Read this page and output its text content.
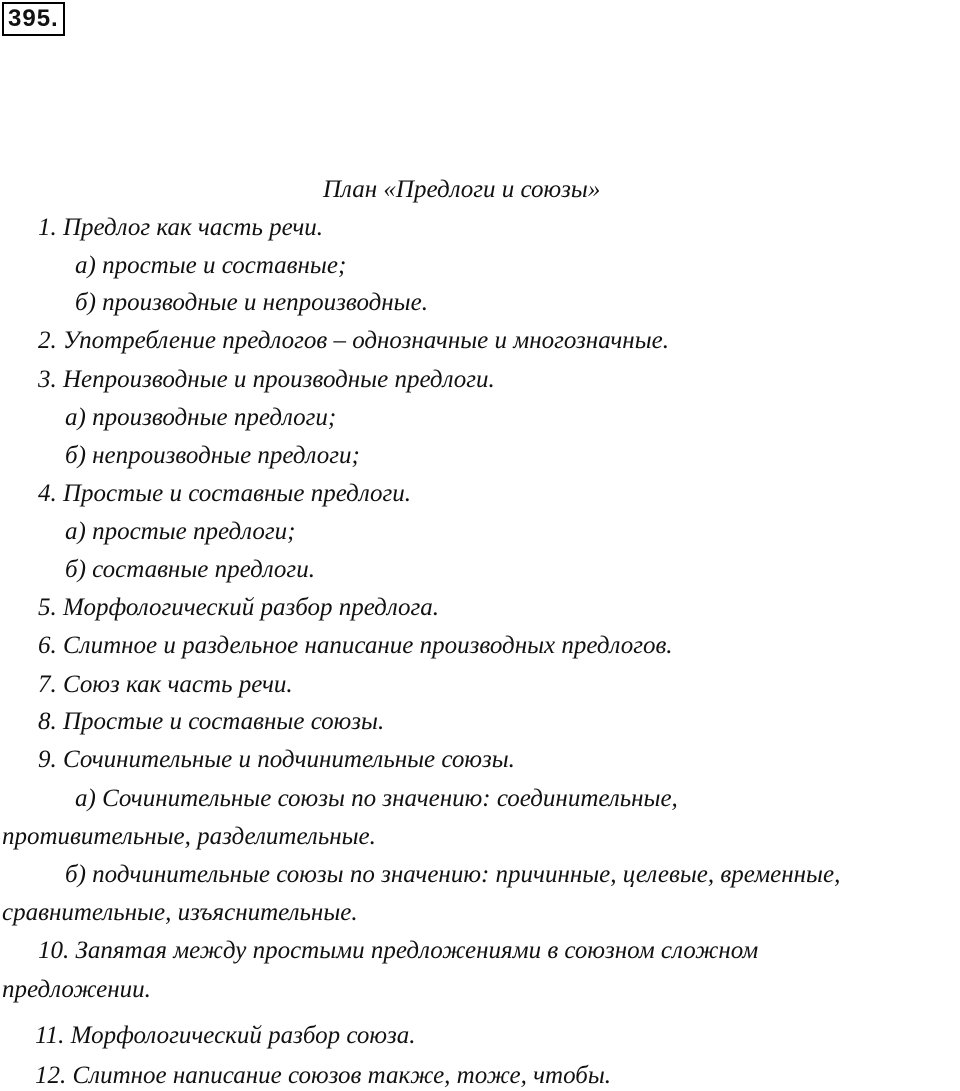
395.
План «Предлоги и союзы»
1. Предлог как часть речи.
а) простые и составные;
б) производные и непроизводные.
2. Употребление предлогов – однозначные и многозначные.
3. Непроизводные и производные предлоги.
а) производные предлоги;
б) непроизводные предлоги;
4. Простые и составные предлоги.
а) простые предлоги;
б) составные предлоги.
5. Морфологический разбор предлога.
6. Слитное и раздельное написание производных предлогов.
7. Союз как часть речи.
8. Простые и составные союзы.
9. Сочинительные и подчинительные союзы.
а) Сочинительные союзы по значению: соединительные,
противительные, разделительные.
б) подчинительные союзы по значению: причинные, целевые, временные,
сравнительные, изъяснительные.
10. Запятая между простыми предложениями в союзном сложном
предложении.
11. Морфологический разбор союза.
12. Слитное написание союзов также, тоже, чтобы.
